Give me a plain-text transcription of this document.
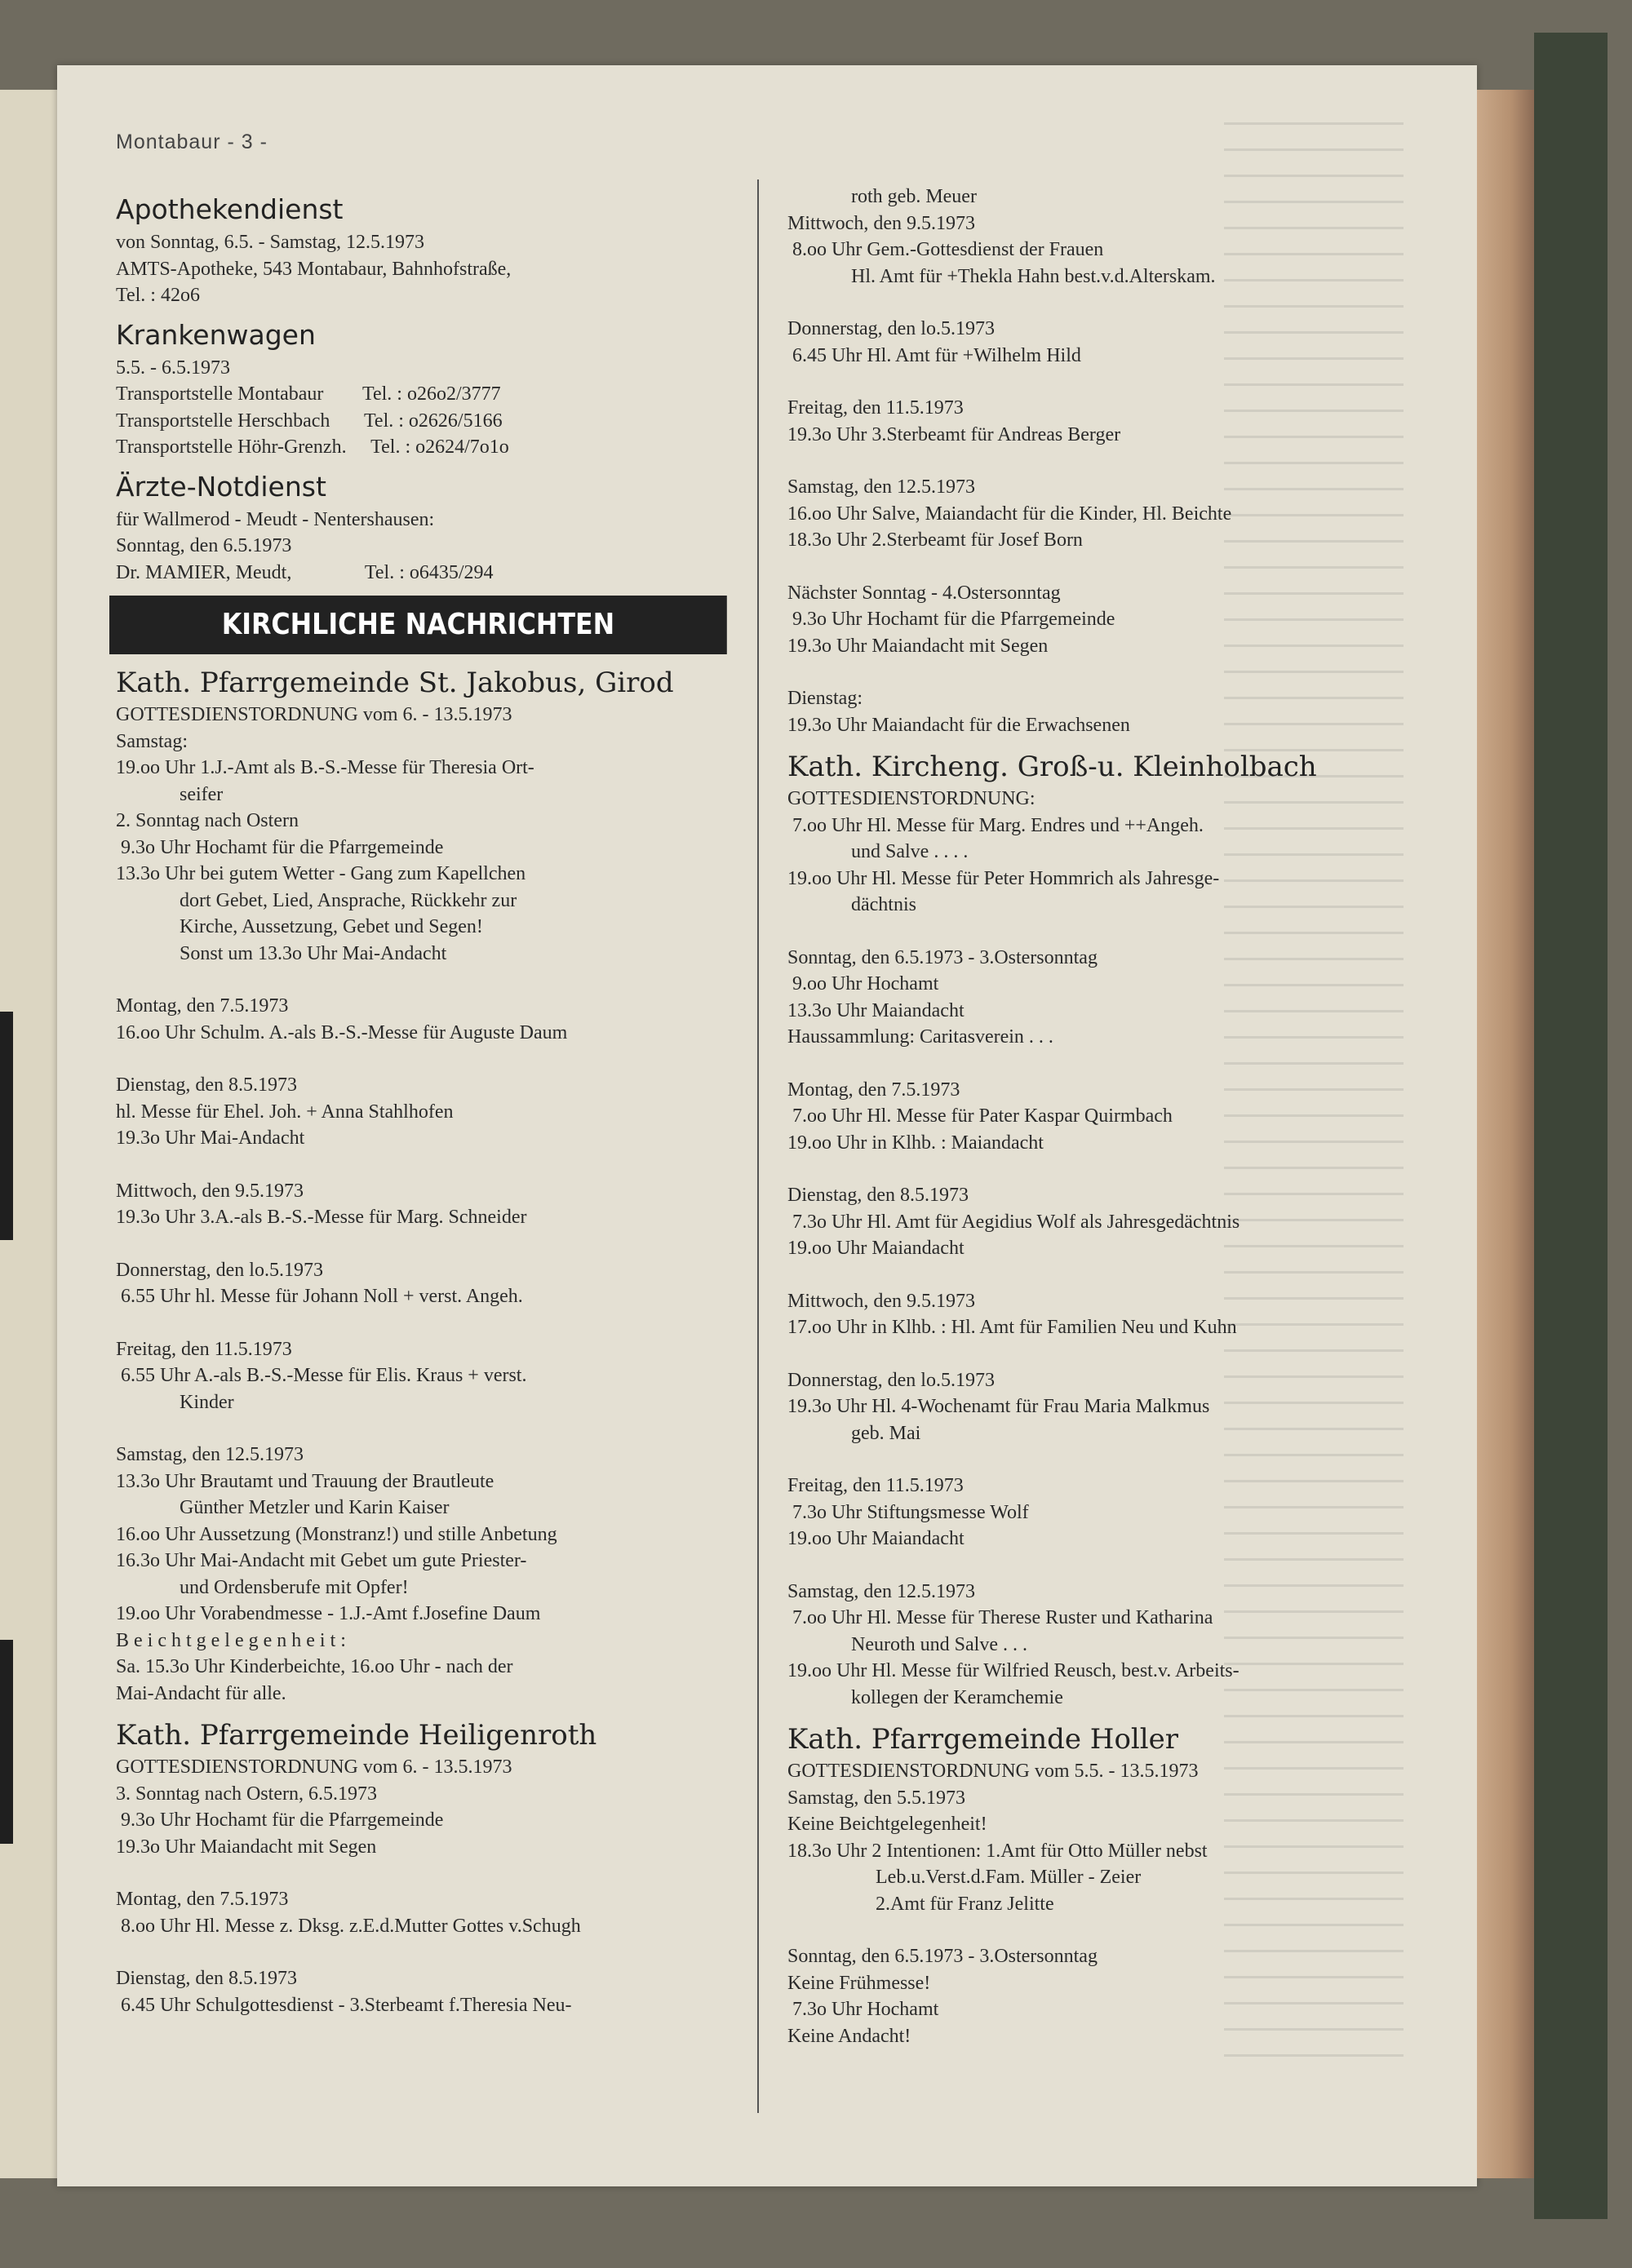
Montabaur - 3 -
Apothekendienst
von Sonntag, 6.5. - Samstag, 12.5.1973
AMTS-Apotheke, 543 Montabaur, Bahnhofstraße,
Tel. : 42o6
Krankenwagen
5.5. - 6.5.1973
Transportstelle Montabaur        Tel. : o26o2/3777
Transportstelle Herschbach       Tel. : o2626/5166
Transportstelle Höhr-Grenzh.     Tel. : o2624/7o1o
Ärzte-Notdienst
für Wallmerod - Meudt - Nentershausen:
Sonntag, den 6.5.1973
Dr. MAMIER, Meudt,               Tel. : o6435/294
KIRCHLICHE NACHRICHTEN
Kath. Pfarrgemeinde St. Jakobus, Girod
GOTTESDIENSTORDNUNG vom 6. - 13.5.1973
Samstag:
19.oo Uhr 1.J.-Amt als B.-S.-Messe für Theresia Ort-
seifer
2. Sonntag nach Ostern
9.3o Uhr Hochamt für die Pfarrgemeinde
13.3o Uhr bei gutem Wetter - Gang zum Kapellchen
dort Gebet, Lied, Ansprache, Rückkehr zur
Kirche, Aussetzung, Gebet und Segen!
Sonst um 13.3o Uhr Mai-Andacht
Montag, den 7.5.1973
16.oo Uhr Schulm. A.-als B.-S.-Messe für Auguste Daum
Dienstag, den 8.5.1973
hl. Messe für Ehel. Joh. + Anna Stahlhofen
19.3o Uhr Mai-Andacht
Mittwoch, den 9.5.1973
19.3o Uhr 3.A.-als B.-S.-Messe für Marg. Schneider
Donnerstag, den lo.5.1973
6.55 Uhr hl. Messe für Johann Noll + verst. Angeh.
Freitag, den 11.5.1973
6.55 Uhr A.-als B.-S.-Messe für Elis. Kraus + verst.
Kinder
Samstag, den 12.5.1973
13.3o Uhr Brautamt und Trauung der Brautleute
Günther Metzler und Karin Kaiser
16.oo Uhr Aussetzung (Monstranz!) und stille Anbetung
16.3o Uhr Mai-Andacht mit Gebet um gute Priester-
und Ordensberufe mit Opfer!
19.oo Uhr Vorabendmesse - 1.J.-Amt f.Josefine Daum
B e i c h t g e l e g e n h e i t :
Sa. 15.3o Uhr Kinderbeichte, 16.oo Uhr - nach der
Mai-Andacht für alle.
Kath. Pfarrgemeinde Heiligenroth
GOTTESDIENSTORDNUNG vom 6. - 13.5.1973
3. Sonntag nach Ostern, 6.5.1973
9.3o Uhr Hochamt für die Pfarrgemeinde
19.3o Uhr Maiandacht mit Segen
Montag, den 7.5.1973
8.oo Uhr Hl. Messe z. Dksg. z.E.d.Mutter Gottes v.Schugh
Dienstag, den 8.5.1973
6.45 Uhr Schulgottesdienst - 3.Sterbeamt f.Theresia Neu-
roth geb. Meuer
Mittwoch, den 9.5.1973
8.oo Uhr Gem.-Gottesdienst der Frauen
Hl. Amt für +Thekla Hahn best.v.d.Alterskam.
Donnerstag, den lo.5.1973
6.45 Uhr Hl. Amt für +Wilhelm Hild
Freitag, den 11.5.1973
19.3o Uhr 3.Sterbeamt für Andreas Berger
Samstag, den 12.5.1973
16.oo Uhr Salve, Maiandacht für die Kinder, Hl. Beichte
18.3o Uhr 2.Sterbeamt für Josef Born
Nächster Sonntag - 4.Ostersonntag
9.3o Uhr Hochamt für die Pfarrgemeinde
19.3o Uhr Maiandacht mit Segen
Dienstag:
19.3o Uhr Maiandacht für die Erwachsenen
Kath. Kircheng. Groß-u. Kleinholbach
GOTTESDIENSTORDNUNG:
7.oo Uhr Hl. Messe für Marg. Endres und ++Angeh.
und Salve . . . .
19.oo Uhr Hl. Messe für Peter Hommrich als Jahresge-
dächtnis
Sonntag, den 6.5.1973 - 3.Ostersonntag
9.oo Uhr Hochamt
13.3o Uhr Maiandacht
Haussammlung: Caritasverein . . .
Montag, den 7.5.1973
7.oo Uhr Hl. Messe für Pater Kaspar Quirmbach
19.oo Uhr in Klhb. : Maiandacht
Dienstag, den 8.5.1973
7.3o Uhr Hl. Amt für Aegidius Wolf als Jahresgedächtnis
19.oo Uhr Maiandacht
Mittwoch, den 9.5.1973
17.oo Uhr in Klhb. : Hl. Amt für Familien Neu und Kuhn
Donnerstag, den lo.5.1973
19.3o Uhr Hl. 4-Wochenamt für Frau Maria Malkmus
geb. Mai
Freitag, den 11.5.1973
7.3o Uhr Stiftungsmesse Wolf
19.oo Uhr Maiandacht
Samstag, den 12.5.1973
7.oo Uhr Hl. Messe für Therese Ruster und Katharina
Neuroth und Salve . . .
19.oo Uhr Hl. Messe für Wilfried Reusch, best.v. Arbeits-
kollegen der Keramchemie
Kath. Pfarrgemeinde Holler
GOTTESDIENSTORDNUNG vom 5.5. - 13.5.1973
Samstag, den 5.5.1973
Keine Beichtgelegenheit!
18.3o Uhr 2 Intentionen: 1.Amt für Otto Müller nebst
Leb.u.Verst.d.Fam. Müller - Zeier
2.Amt für Franz Jelitte
Sonntag, den 6.5.1973 - 3.Ostersonntag
Keine Frühmesse!
7.3o Uhr Hochamt
Keine Andacht!
